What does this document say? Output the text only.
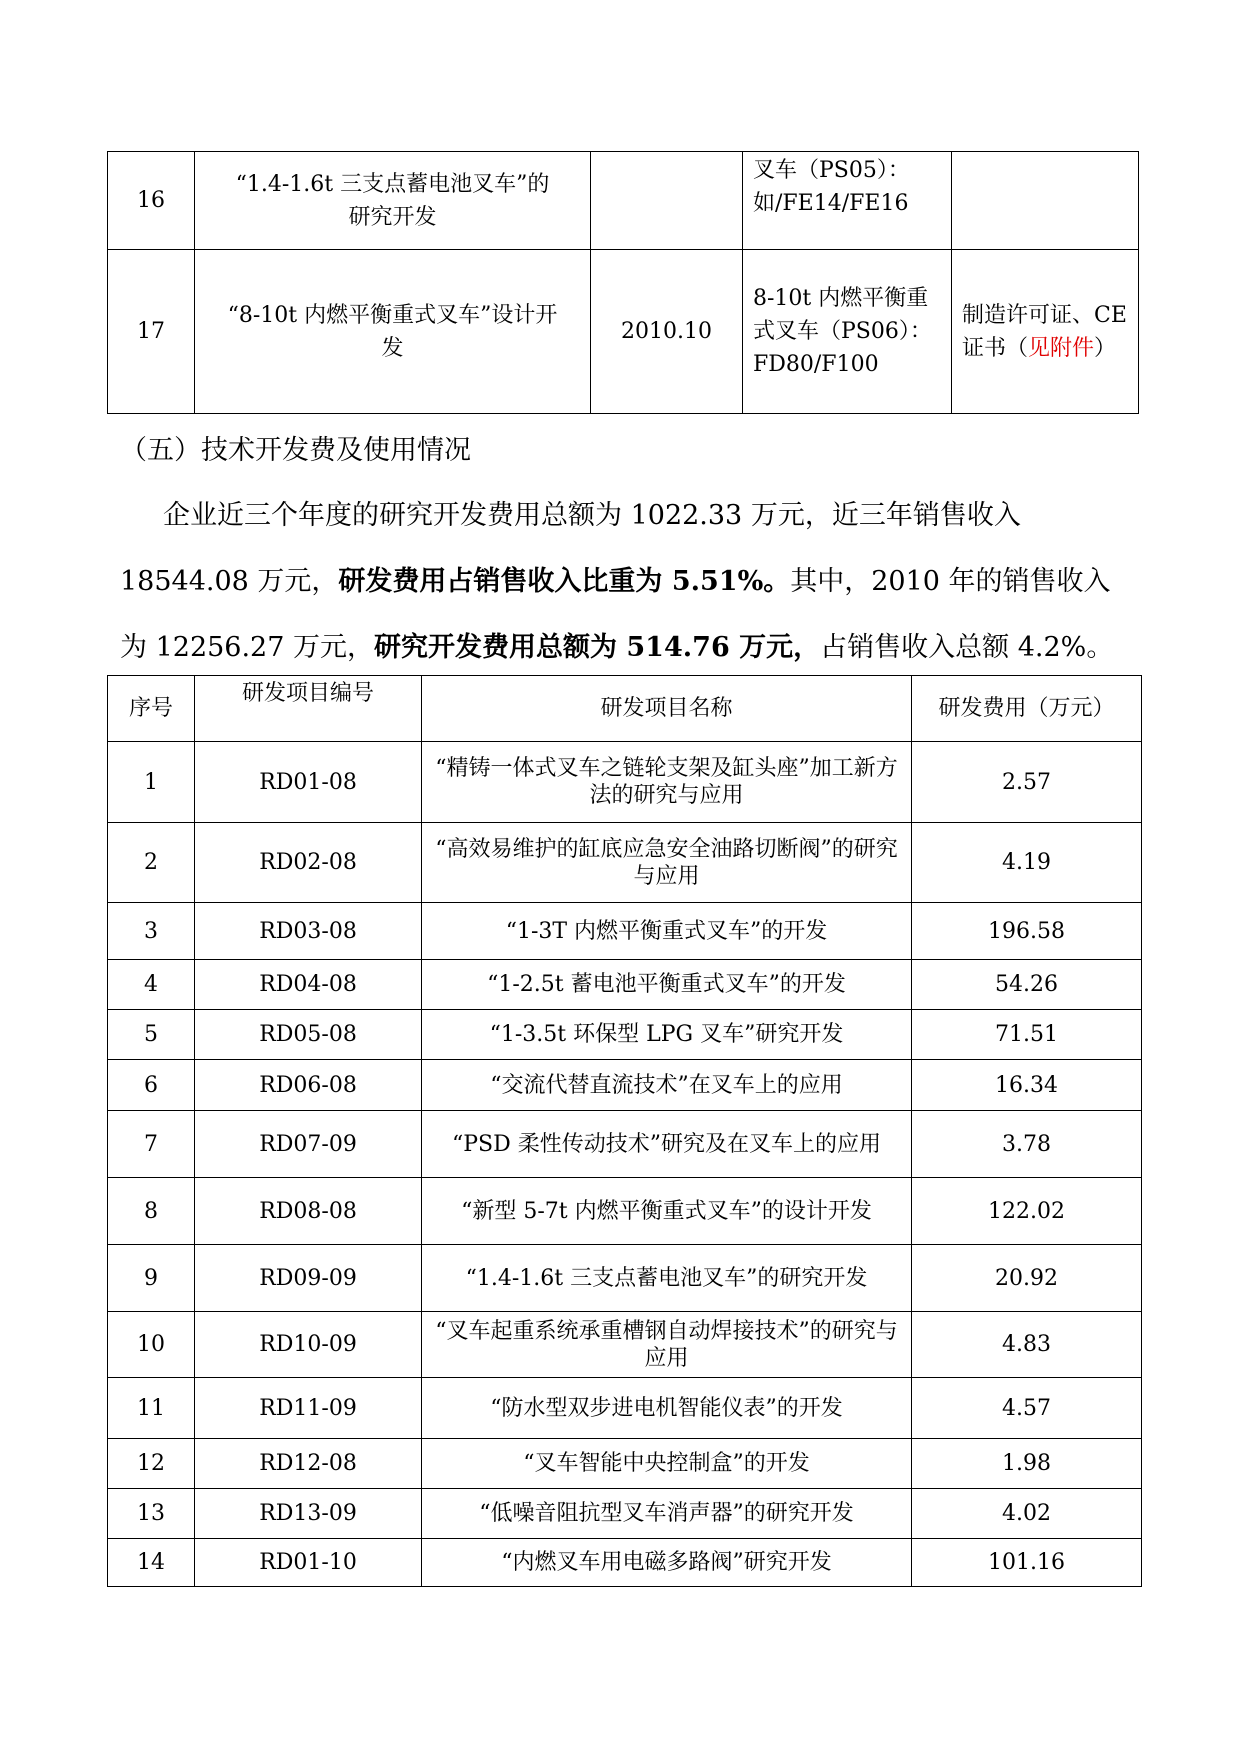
16	“1.4-1.6t 三支点蓄电池叉车”的研究开发		叉车（PS05）：如/FE14/FE16	
17	“8-10t 内燃平衡重式叉车”设计开发	2010.10	8-10t 内燃平衡重式叉车（PS06）：FD80/F100	制造许可证、CE证书（见附件）
（五）技术开发费及使用情况
企业近三个年度的研究开发费用总额为 1022.33 万元，近三年销售收入
18544.08 万元，研发费用占销售收入比重为 5.51%。其中，2010 年的销售收入
为 12256.27 万元，研究开发费用总额为 514.76 万元，占销售收入总额 4.2%。
序号	研发项目编号	研发项目名称	研发费用（万元）
1	RD01-08	“精铸一体式叉车之链轮支架及缸头座”加工新方法的研究与应用	2.57
2	RD02-08	“高效易维护的缸底应急安全油路切断阀”的研究与应用	4.19
3	RD03-08	“1-3T 内燃平衡重式叉车”的开发	196.58
4	RD04-08	“1-2.5t 蓄电池平衡重式叉车”的开发	54.26
5	RD05-08	“1-3.5t 环保型 LPG 叉车”研究开发	71.51
6	RD06-08	“交流代替直流技术”在叉车上的应用	16.34
7	RD07-09	“PSD 柔性传动技术”研究及在叉车上的应用	3.78
8	RD08-08	“新型 5-7t 内燃平衡重式叉车”的设计开发	122.02
9	RD09-09	“1.4-1.6t 三支点蓄电池叉车”的研究开发	20.92
10	RD10-09	“叉车起重系统承重槽钢自动焊接技术”的研究与应用	4.83
11	RD11-09	“防水型双步进电机智能仪表”的开发	4.57
12	RD12-08	“叉车智能中央控制盒”的开发	1.98
13	RD13-09	“低噪音阻抗型叉车消声器”的研究开发	4.02
14	RD01-10	“内燃叉车用电磁多路阀”研究开发	101.16
